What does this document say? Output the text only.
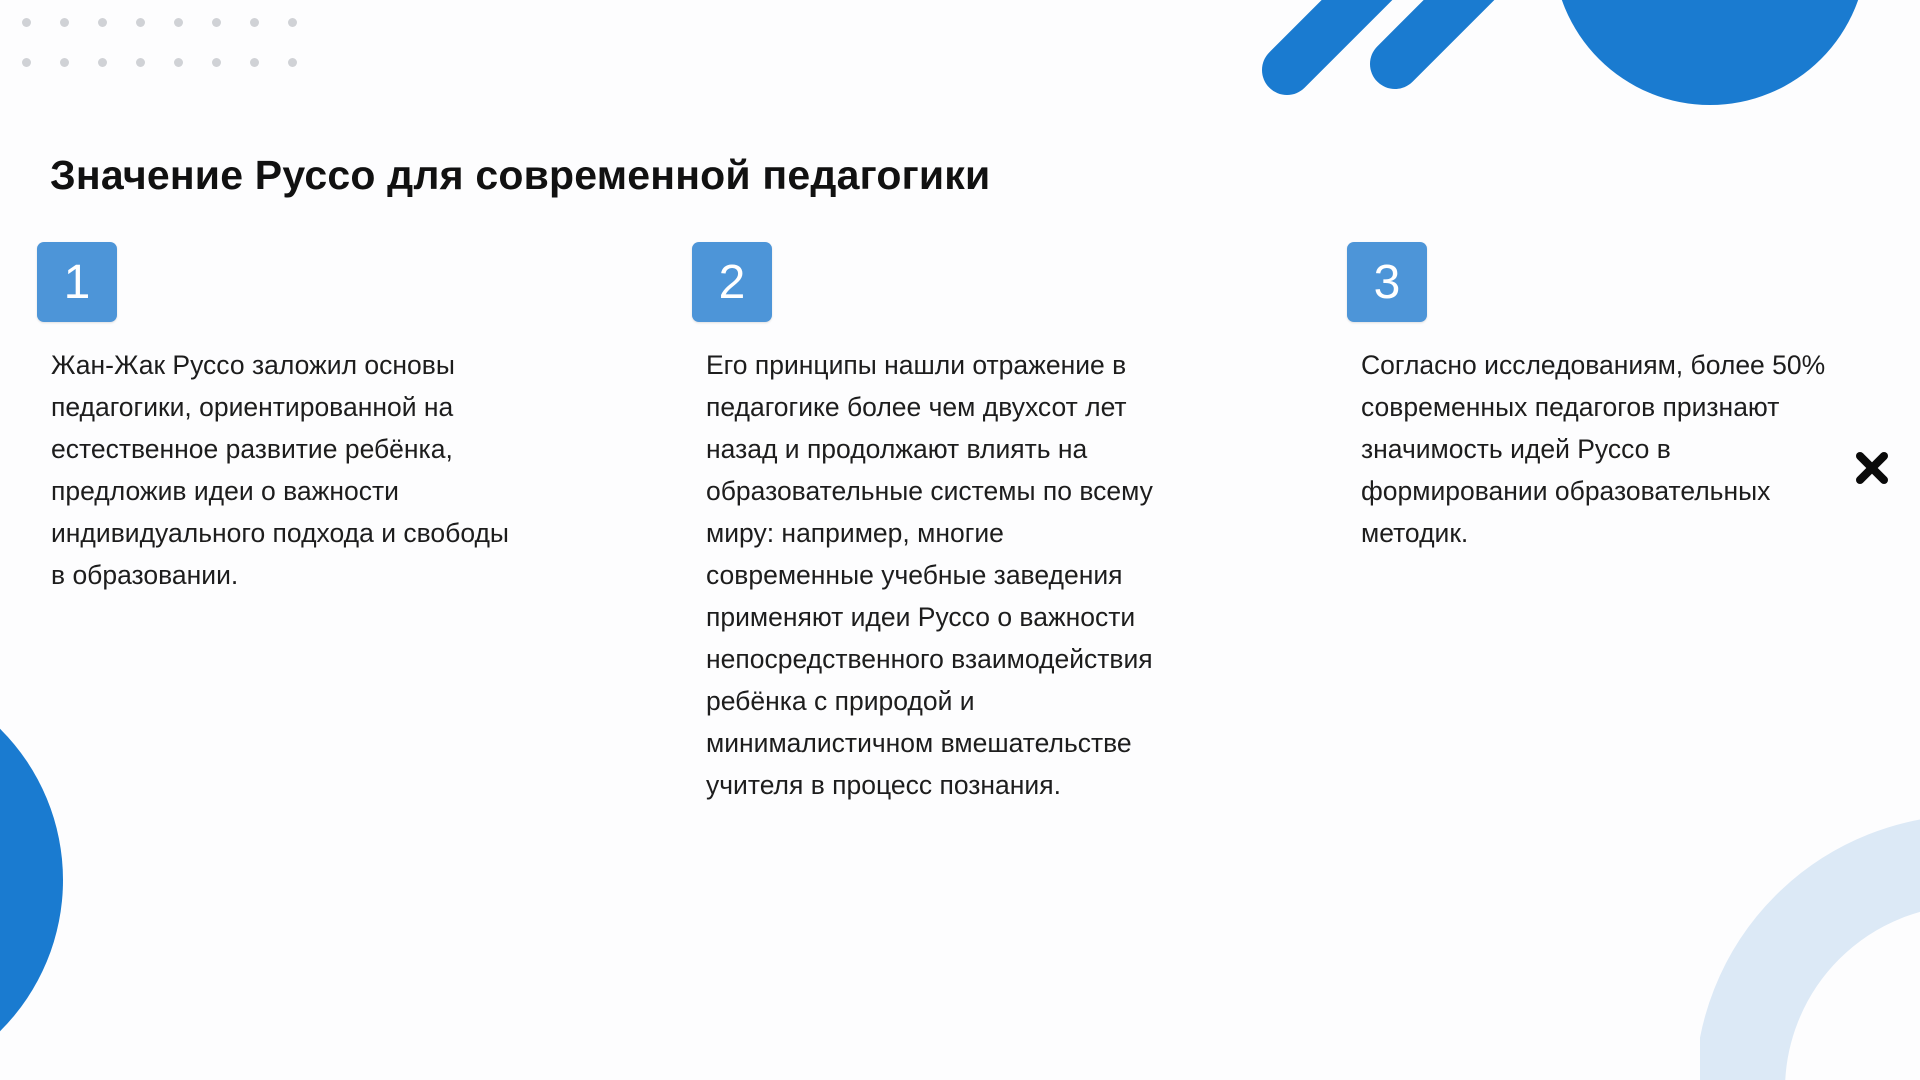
Значение Руссо для современной педагогики
1

Жан-Жак Руссо заложил основы
педагогики, ориентированной на
естественное развитие ребёнка,
предложив идеи о важности
индивидуального подхода и свободы
в образовании.

2

Его принципы нашли отражение в
педагогике более чем двухсот лет
назад и продолжают влиять на
образовательные системы по всему
миру: например, многие
современные учебные заведения
применяют идеи Руссо о важности
непосредственного взаимодействия
ребёнка с природой и
минималистичном вмешательстве
учителя в процесс познания.

3

Согласно исследованиям, более 50%
современных педагогов признают
значимость идей Руссо в
формировании образовательных
методик.
